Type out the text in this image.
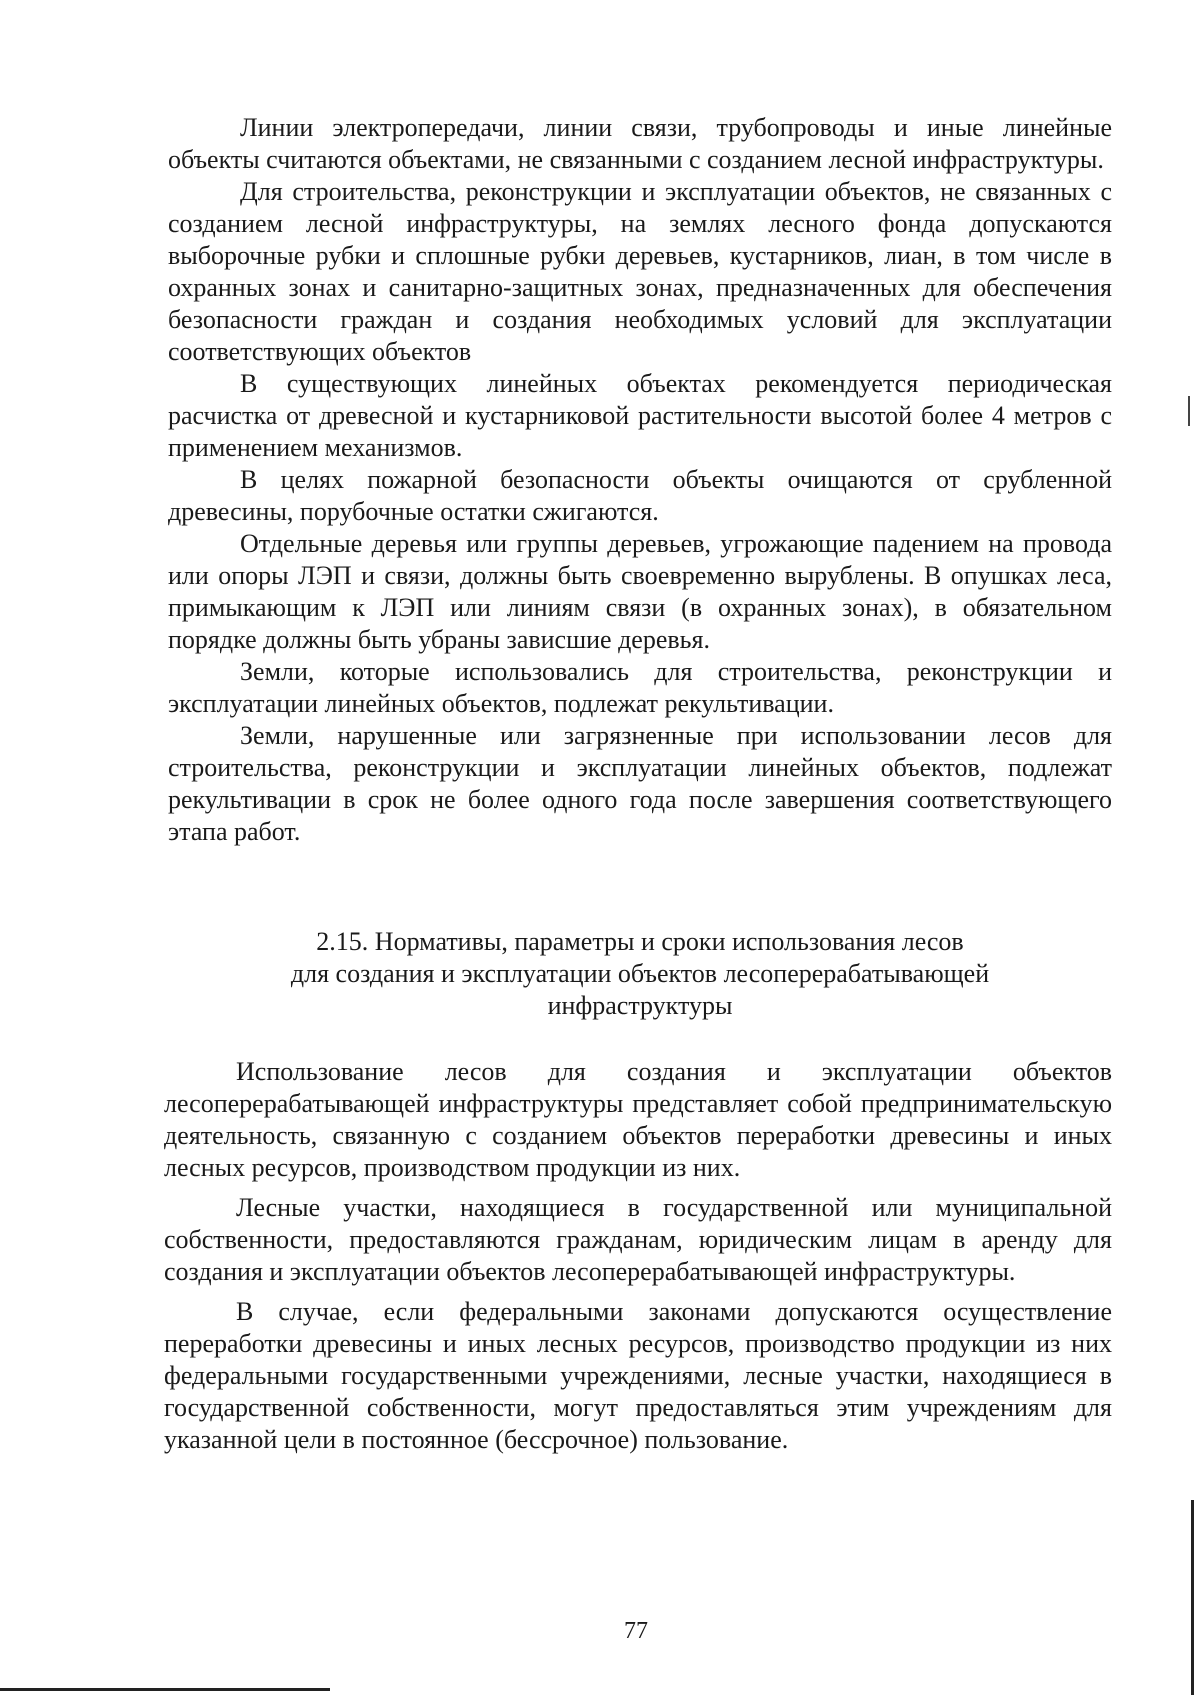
Линии электропередачи, линии связи, трубопроводы и иные линейные объекты считаются объектами, не связанными с созданием лесной инфраструктуры.

Для строительства, реконструкции и эксплуатации объектов, не связанных с созданием лесной инфраструктуры, на землях лесного фонда допускаются выборочные рубки и сплошные рубки деревьев, кустарников, лиан, в том числе в охранных зонах и санитарно-защитных зонах, предназначенных для обеспечения безопасности граждан и создания необходимых условий для эксплуатации соответствующих объектов

В существующих линейных объектах рекомендуется периодическая расчистка от древесной и кустарниковой растительности высотой более 4 метров с применением механизмов.

В целях пожарной безопасности объекты очищаются от срубленной древесины, порубочные остатки сжигаются.

Отдельные деревья или группы деревьев, угрожающие падением на провода или опоры ЛЭП и связи, должны быть своевременно вырублены. В опушках леса, примыкающим к ЛЭП или линиям связи (в охранных зонах), в обязательном порядке должны быть убраны зависшие деревья.

Земли, которые использовались для строительства, реконструкции и эксплуатации линейных объектов, подлежат рекультивации.

Земли, нарушенные или загрязненные при использовании лесов для строительства, реконструкции и эксплуатации линейных объектов, подлежат рекультивации в срок не более одного года после завершения соответствующего этапа работ.

2.15. Нормативы, параметры и сроки использования лесов
для создания и эксплуатации объектов лесоперерабатывающей
инфраструктуры

Использование лесов для создания и эксплуатации объектов лесоперерабатывающей инфраструктуры представляет собой предпринимательскую деятельность, связанную с созданием объектов переработки древесины и иных лесных ресурсов, производством продукции из них.

Лесные участки, находящиеся в государственной или муниципальной собственности, предоставляются гражданам, юридическим лицам в аренду для создания и эксплуатации объектов лесоперерабатывающей инфраструктуры.

В случае, если федеральными законами допускаются осуществление переработки древесины и иных лесных ресурсов, производство продукции из них федеральными государственными учреждениями, лесные участки, находящиеся в государственной собственности, могут предоставляться этим учреждениям для указанной цели в постоянное (бессрочное) пользование.

77
